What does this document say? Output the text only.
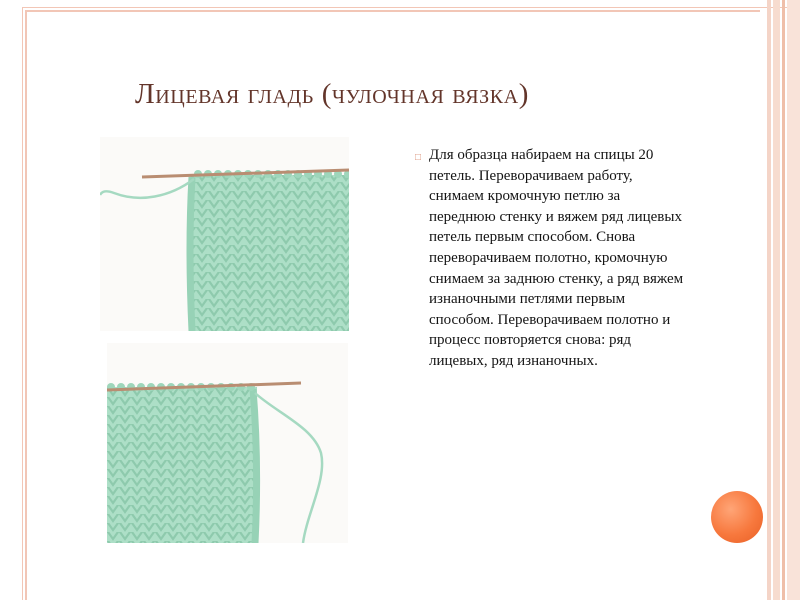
Лицевая гладь (чулочная вязка)
□ Для образца набираем на спицы 20 петель. Переворачиваем работу, снимаем кромочную петлю за переднюю стенку и вяжем ряд лицевых петель первым способом. Снова переворачиваем полотно, кромочную снимаем за заднюю стенку, а ряд вяжем изнаночными петлями первым способом. Переворачиваем полотно и процесс повторяется снова: ряд лицевых, ряд изнаночных.
